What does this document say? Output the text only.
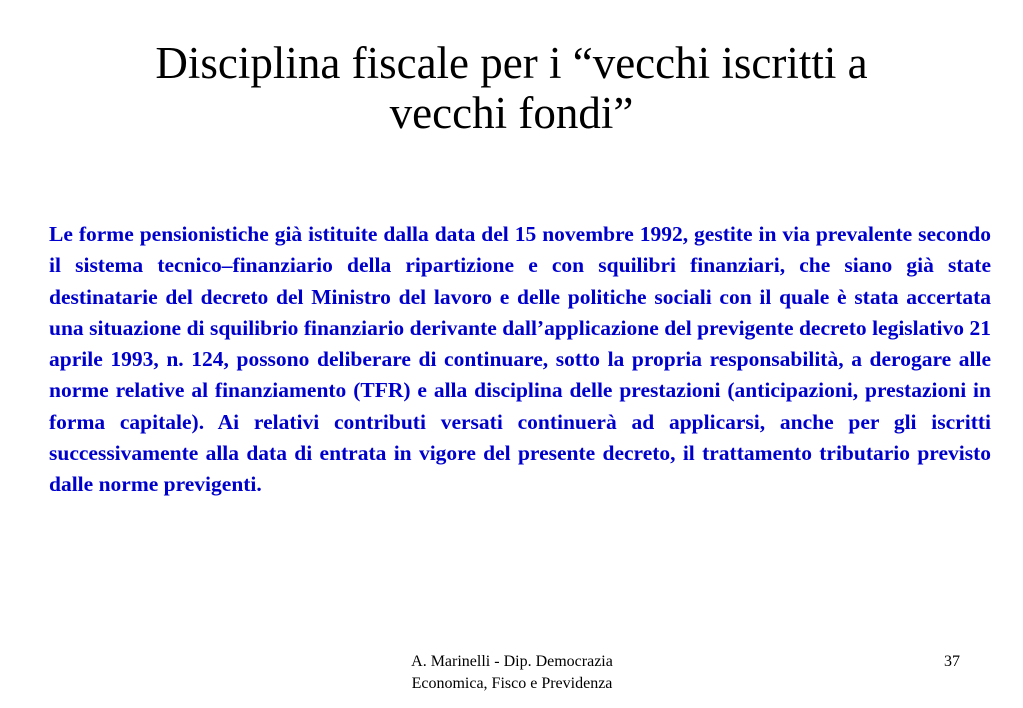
Disciplina fiscale per i “vecchi iscritti a
vecchi fondi”

Le forme pensionistiche già istituite dalla data del 15 novembre 1992, gestite in via prevalente secondo il sistema tecnico–finanziario della ripartizione e con squilibri finanziari, che siano già state destinatarie del decreto del Ministro del lavoro e delle politiche sociali con il quale è stata accertata una situazione di squilibrio finanziario derivante dall’applicazione del previgente decreto legislativo 21 aprile 1993, n. 124, possono deliberare di continuare, sotto la propria responsabilità, a derogare alle norme relative al finanziamento (TFR) e alla disciplina delle prestazioni (anticipazioni, prestazioni in forma capitale). Ai relativi contributi versati continuerà ad applicarsi, anche per gli iscritti successivamente alla data di entrata in vigore del presente decreto, il trattamento tributario previsto dalle norme previgenti.

A. Marinelli - Dip. Democrazia
Economica, Fisco e Previdenza
37
